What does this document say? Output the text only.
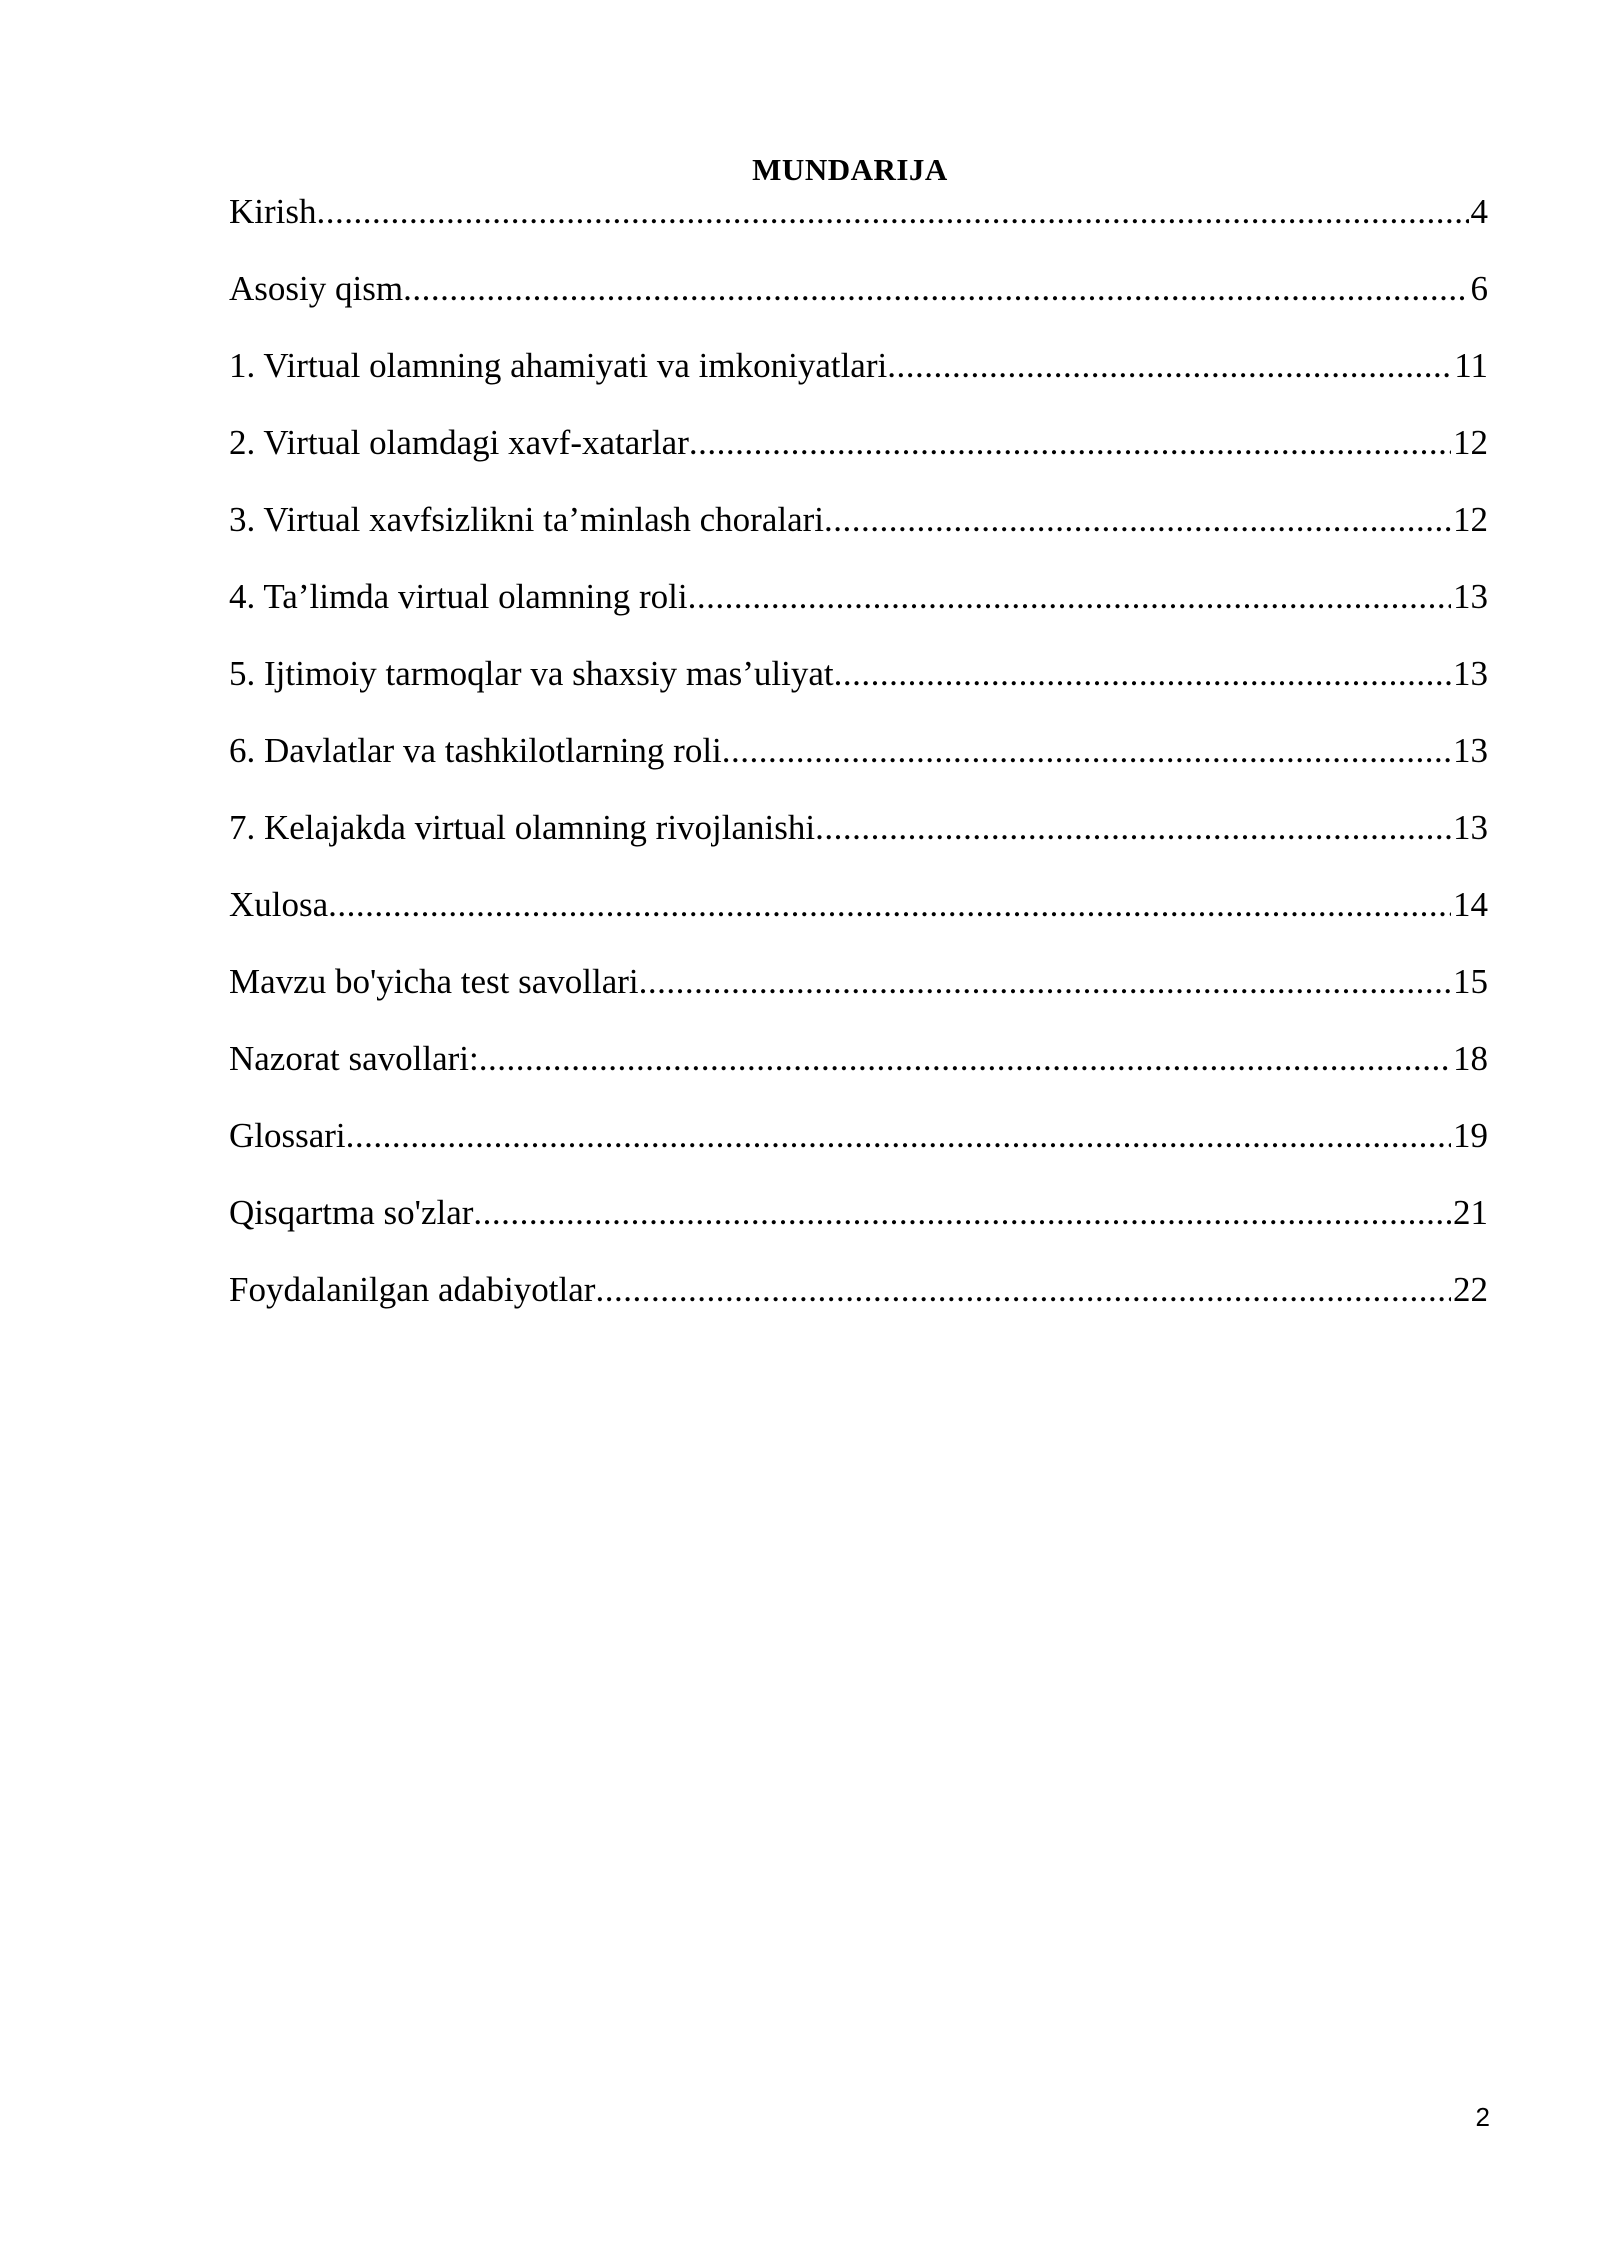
MUNDARIJA
Kirish .....	4
Asosiy qism .....	6
1. Virtual olamning ahamiyati va imkoniyatlari .....	11
2. Virtual olamdagi xavf-xatarlar .....	12
3. Virtual xavfsizlikni ta’minlash choralari .....	12
4. Ta’limda virtual olamning roli .....	13
5. Ijtimoiy tarmoqlar va shaxsiy mas’uliyat .....	13
6. Davlatlar va tashkilotlarning roli .....	13
7. Kelajakda virtual olamning rivojlanishi .....	13
Xulosa .....	14
Mavzu bo'yicha test savollari .....	15
Nazorat savollari: .....	18
Glossari .....	19
Qisqartma so'zlar .....	21
Foydalanilgan adabiyotlar .....	22
2
